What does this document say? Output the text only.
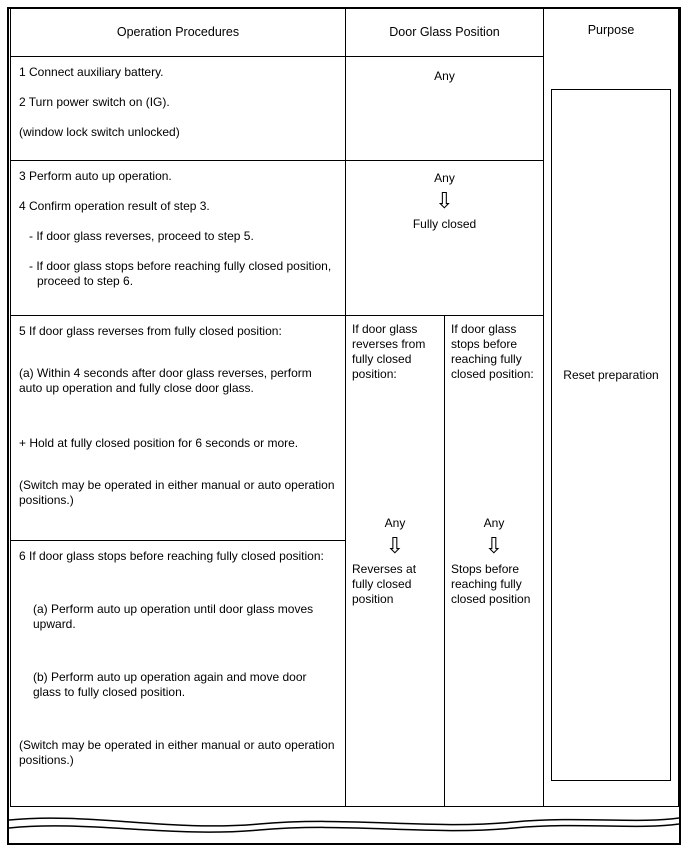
Operation Procedures	Door Glass Position	Purpose
Reset preparation

1 Connect auxiliary battery.

2 Turn power switch on (IG).

(window lock switch unlocked)

Any

3 Perform auto up operation.

4 Confirm operation result of step 3.

- If door glass reverses, proceed to step 5.

- If door glass stops before reaching fully closed position, proceed to step 6.

Any
⇩
Fully closed

5 If door glass reverses from fully closed position:

(a) Within 4 seconds after door glass reverses, perform auto up operation and fully close door glass.

+ Hold at fully closed position for 6 seconds or more.

(Switch may be operated in either manual or auto operation positions.)

6 If door glass stops before reaching fully closed position:

(a) Perform auto up operation until door glass moves upward.

(b) Perform auto up operation again and move door glass to fully closed position.

(Switch may be operated in either manual or auto operation positions.)

If door glass reverses from fully closed position:

Any
⇩
Reverses at fully closed position

If door glass stops before reaching fully closed position:

Any
⇩
Stops before reaching fully closed position
